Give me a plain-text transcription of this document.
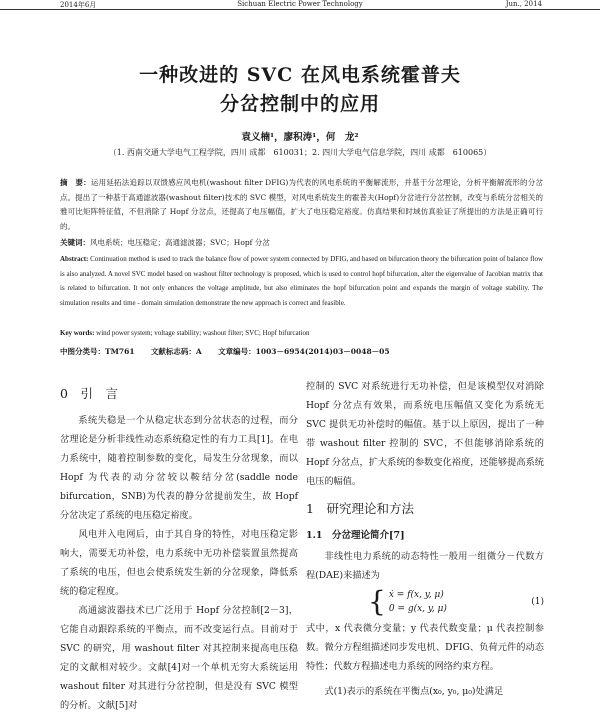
2014年6月	Sichuan Electric Power Technology	Jun., 2014
一种改进的 SVC 在风电系统霍普夫
分岔控制中的应用
袁义楠¹，廖积涛¹，何　龙²
（1. 西南交通大学电气工程学院，四川 成都　610031；2. 四川大学电气信息学院，四川 成都　610065）
摘　要：运用延拓法追踪以双馈感应风电机(washout filter DFIG)为代表的风电系统的平衡解流形，并基于分岔理论，分析平衡解流形的分岔点。提出了一种基于高通滤波器(washout filter)技术的 SVC 模型，对风电系统发生的霍普夫(Hopf)分岔进行分岔控制，改变与系统分岔相关的雅可比矩阵特征值，不但消除了 Hopf 分岔点，还提高了电压幅值，扩大了电压稳定裕度。仿真结果和时域仿真验证了所提出的方法是正确可行的。
关键词：风电系统；电压稳定；高通滤波器；SVC；Hopf 分岔
Abstract: Continuation method is used to track the balance flow of power system connected by DFIG, and based on bifurcation theory the bifurcation point of balance flow is also analyzed. A novel SVC model based on washout filter technology is proposed, which is used to control hopf bifurcation, alter the eigenvalue of Jacobian matrix that is related to bifurcation. It not only enhances the voltage amplitude, but also eliminates the hopf bifurcation point and expands the margin of voltage stability. The simulation results and time - domain simulation demonstrate the new approach is correct and feasible.
Key words: wind power system; voltage stability; washout filter; SVC; Hopf bifurcation
中图分类号：TM761 文献标志码：A 文章编号：1003－6954(2014)03－0048－05
0　引　言

系统失稳是一个从稳定状态到分岔状态的过程，而分岔理论是分析非线性动态系统稳定性的有力工具[1]。在电力系统中，随着控制参数的变化，局发生分岔现象，而以 Hopf 为代表的动分岔较以鞍结分岔(saddle node bifurcation，SNB)为代表的静分岔提前发生，故 Hopf 分岔决定了系统的电压稳定裕度。

风电并入电网后，由于其自身的特性，对电压稳定影响大，需要无功补偿，电力系统中无功补偿装置虽然提高了系统的电压，但也会使系统发生新的分岔现象，降低系统的稳定程度。

高通滤波器技术已广泛用于 Hopf 分岔控制[2－3]，它能自动跟踪系统的平衡点，而不改变运行点。目前对于 SVC 的研究，用 washout filter 对其控制来提高电压稳定的文献相对较少。文献[4]对一个单机无穷大系统运用 washout filter 对其进行分岔控制，但是没有 SVC 模型的分析。文献[5]对

控制的 SVC 对系统进行无功补偿，但是该模型仅对消除 Hopf 分岔点有效果，而系统电压幅值又变化为系统无 SVC 提供无功补偿时的幅值。基于以上原因，提出了一种带 washout filter 控制的 SVC，不但能够消除系统的 Hopf 分岔点，扩大系统的参数变化裕度，还能够提高系统电压的幅值。

1　研究理论和方法
1.1　分岔理论简介[7]

非线性电力系统的动态特性一般用一组微分－代数方程(DAE)来描述为

{ ẋ = f(x, y, μ)
0 = g(x, y, μ)
(1)

式中，x 代表微分变量；y 代表代数变量；μ 代表控制参数。微分方程组描述同步发电机、DFIG、负荷元件的动态特性；代数方程描述电力系统的网络约束方程。

式(1)表示的系统在平衡点(x₀, y₀, μ₀)处满足
